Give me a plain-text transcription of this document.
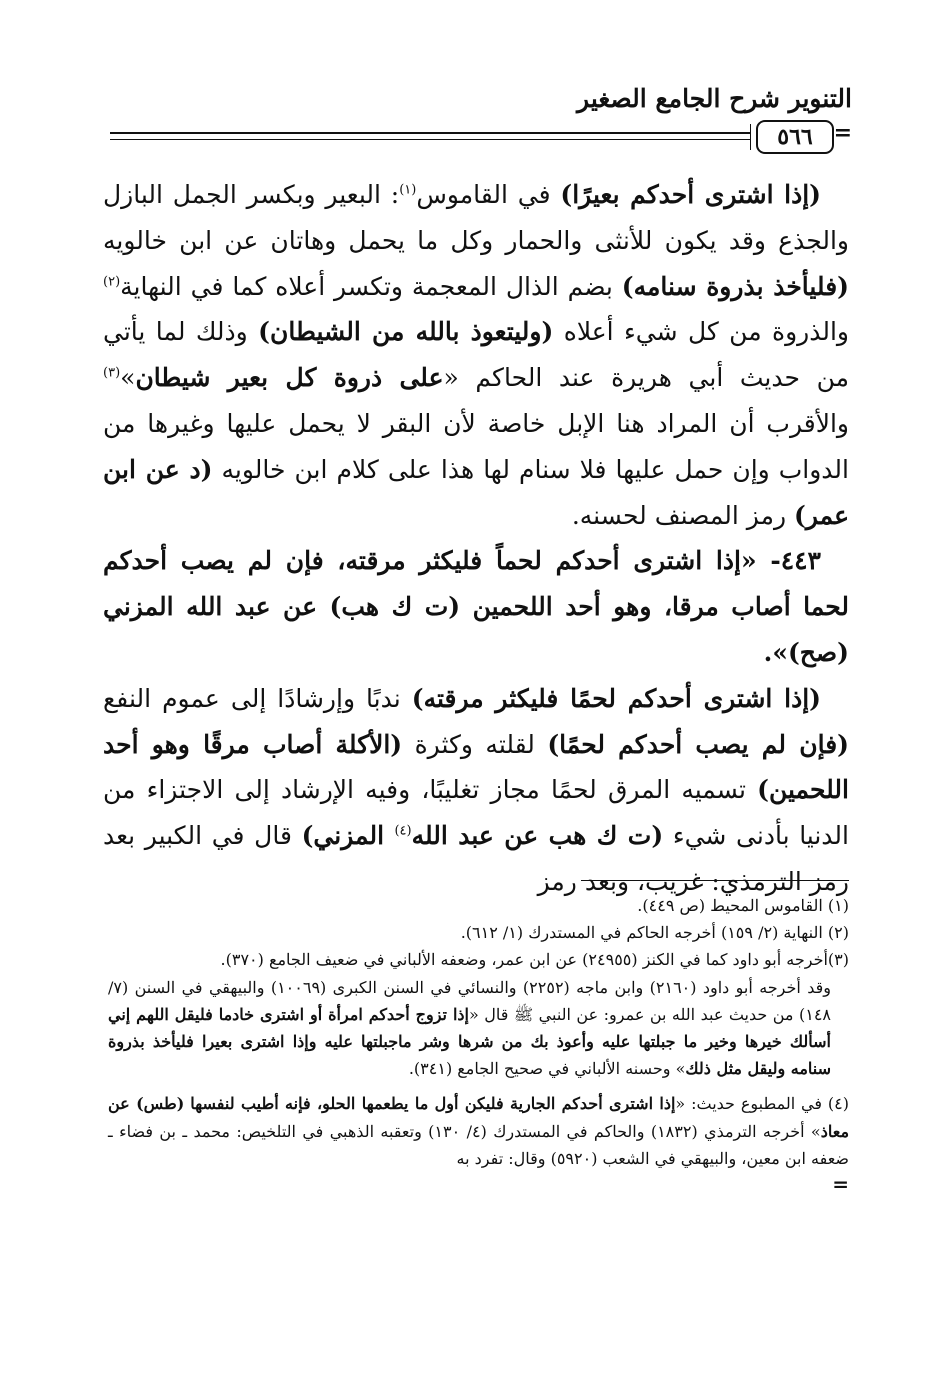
التنوير شرح الجامع الصغير
=
٥٦٦

(إذا اشترى أحدكم بعيرًا) في القاموس$^{(١)}$: البعير وبكسر الجمل البازل والجذع وقد يكون للأنثى والحمار وكل ما يحمل وهاتان عن ابن خالويه (فليأخذ بذروة سنامه) بضم الذال المعجمة وتكسر أعلاه كما في النهاية$^{(٢)}$ والذروة من كل شيء أعلاه (وليتعوذ بالله من الشيطان) وذلك لما يأتي من حديث أبي هريرة عند الحاكم «على ذروة كل بعير شيطان»$^{(٣)}$ والأقرب أن المراد هنا الإبل خاصة لأن البقر لا يحمل عليها وغيرها من الدواب وإن حمل عليها فلا سنام لها هذا على كلام ابن خالويه (د عن ابن عمر) رمز المصنف لحسنه.

٤٤٣- «إذا اشترى أحدكم لحماً فليكثر مرقته، فإن لم يصب أحدكم لحما أصاب مرقا، وهو أحد اللحمين (ت ك هب) عن عبد الله المزني (صح)».

(إذا اشترى أحدكم لحمًا فليكثر مرقته) ندبًا وإرشادًا إلى عموم النفع (فإن لم يصب أحدكم لحمًا) لقلته وكثرة (الأكلة أصاب مرقًا وهو أحد اللحمين) تسميه المرق لحمًا مجاز تغليبًا، وفيه الإرشاد إلى الاجتزاء من الدنيا بأدنى شيء (ت ك هب عن عبد الله$^{(٤)}$ المزني) قال في الكبير بعد رمز الترمذي: غريب، وبعد رمز

(١) القاموس المحيط (ص ٤٤٩).

(٢) النهاية (٢/ ١٥٩) أخرجه الحاكم في المستدرك (١/ ٦١٢).

(٣)أخرجه أبو داود كما في الكنز (٢٤٩٥٥) عن ابن عمر، وضعفه الألباني في ضعيف الجامع (٣٧٠).

وقد أخرجه أبو داود (٢١٦٠) وابن ماجه (٢٢٥٢) والنسائي في السنن الكبرى (١٠٠٦٩) والبيهقي في السنن (٧/ ١٤٨) من حديث عبد الله بن عمرو: عن النبي ﷺ قال «إذا تزوج أحدكم امرأة أو اشترى خادما فليقل اللهم إني أسألك خيرها وخير ما جبلتها عليه وأعوذ بك من شرها وشر ماجبلتها عليه وإذا اشترى بعيرا فليأخذ بذروة سنامه وليقل مثل ذلك» وحسنه الألباني في صحيح الجامع (٣٤١).

(٤) في المطبوع حديث: «إذا اشترى أحدكم الجارية فليكن أول ما يطعمها الحلو، فإنه أطيب لنفسها (طس) عن معاذ» أخرجه الترمذي (١٨٣٢) والحاكم في المستدرك (٤/ ١٣٠) وتعقبه الذهبي في التلخيص: محمد ـ بن فضاء ـ ضعفه ابن معين، والبيهقي في الشعب (٥٩٢٠) وقال: تفرد به

=
